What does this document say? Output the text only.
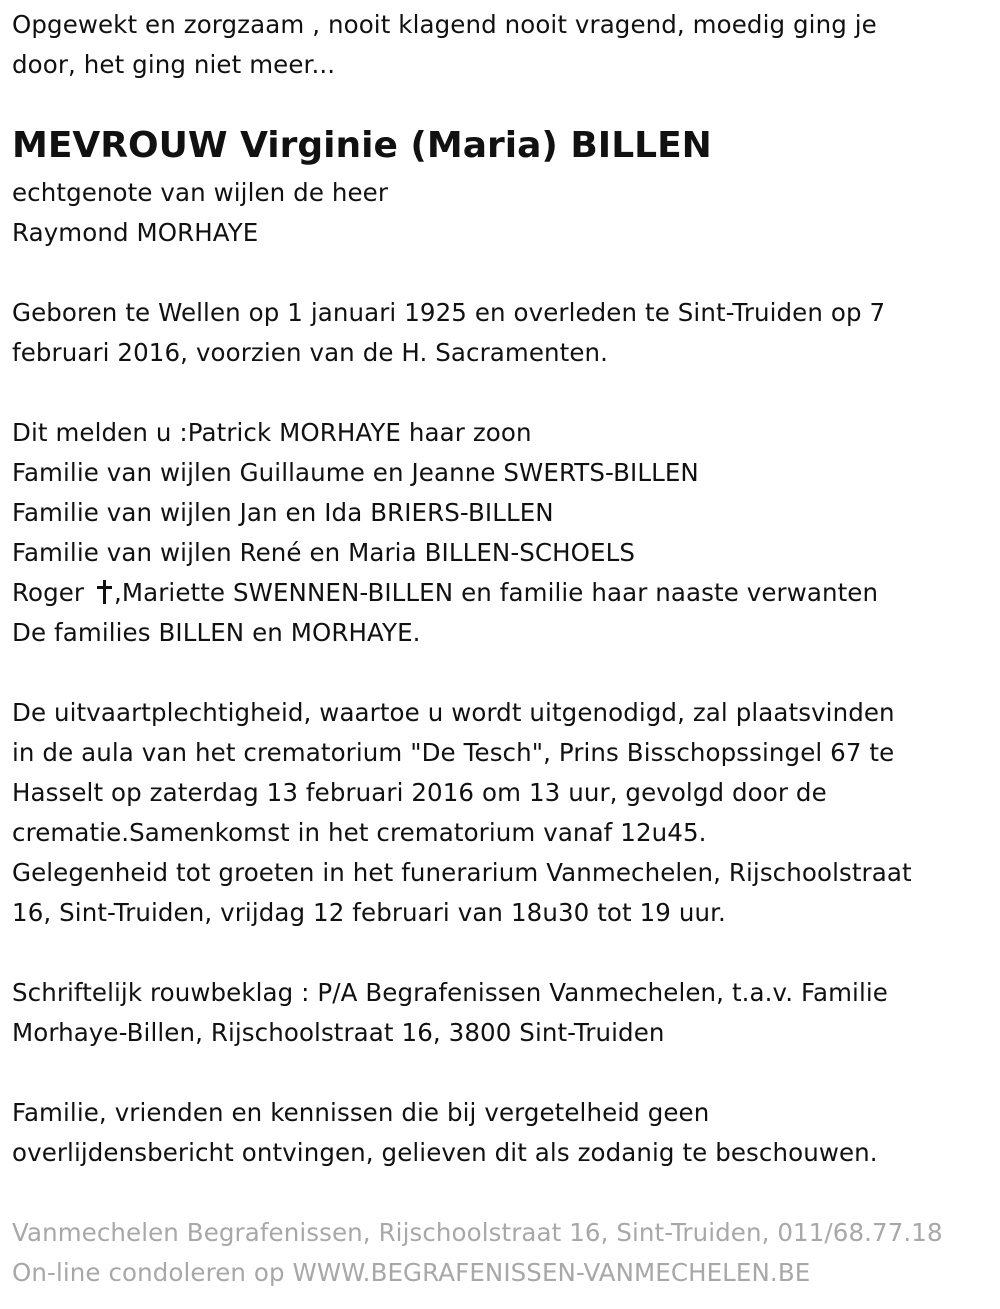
Opgewekt en zorgzaam , nooit klagend nooit vragend, moedig ging je
door, het ging niet meer...
MEVROUW Virginie (Maria) BILLEN
echtgenote van wijlen de heer
Raymond MORHAYE
Geboren te Wellen op 1 januari 1925 en overleden te Sint-Truiden op 7
februari 2016, voorzien van de H. Sacramenten.
Dit melden u :Patrick MORHAYE haar zoon
Familie van wijlen Guillaume en Jeanne SWERTS-BILLEN
Familie van wijlen Jan en Ida BRIERS-BILLEN
Familie van wijlen René en Maria BILLEN-SCHOELS
Roger ,Mariette SWENNEN-BILLEN en familie haar naaste verwanten
De families BILLEN en MORHAYE.
De uitvaartplechtigheid, waartoe u wordt uitgenodigd, zal plaatsvinden
in de aula van het crematorium "De Tesch", Prins Bisschopssingel 67 te
Hasselt op zaterdag 13 februari 2016 om 13 uur, gevolgd door de
crematie.Samenkomst in het crematorium vanaf 12u45.
Gelegenheid tot groeten in het funerarium Vanmechelen, Rijschoolstraat
16, Sint-Truiden, vrijdag 12 februari van 18u30 tot 19 uur.
Schriftelijk rouwbeklag : P/A Begrafenissen Vanmechelen, t.a.v. Familie
Morhaye-Billen, Rijschoolstraat 16, 3800 Sint-Truiden
Familie, vrienden en kennissen die bij vergetelheid geen
overlijdensbericht ontvingen, gelieven dit als zodanig te beschouwen.
Vanmechelen Begrafenissen, Rijschoolstraat 16, Sint-Truiden, 011/68.77.18
On-line condoleren op WWW.BEGRAFENISSEN-VANMECHELEN.BE
